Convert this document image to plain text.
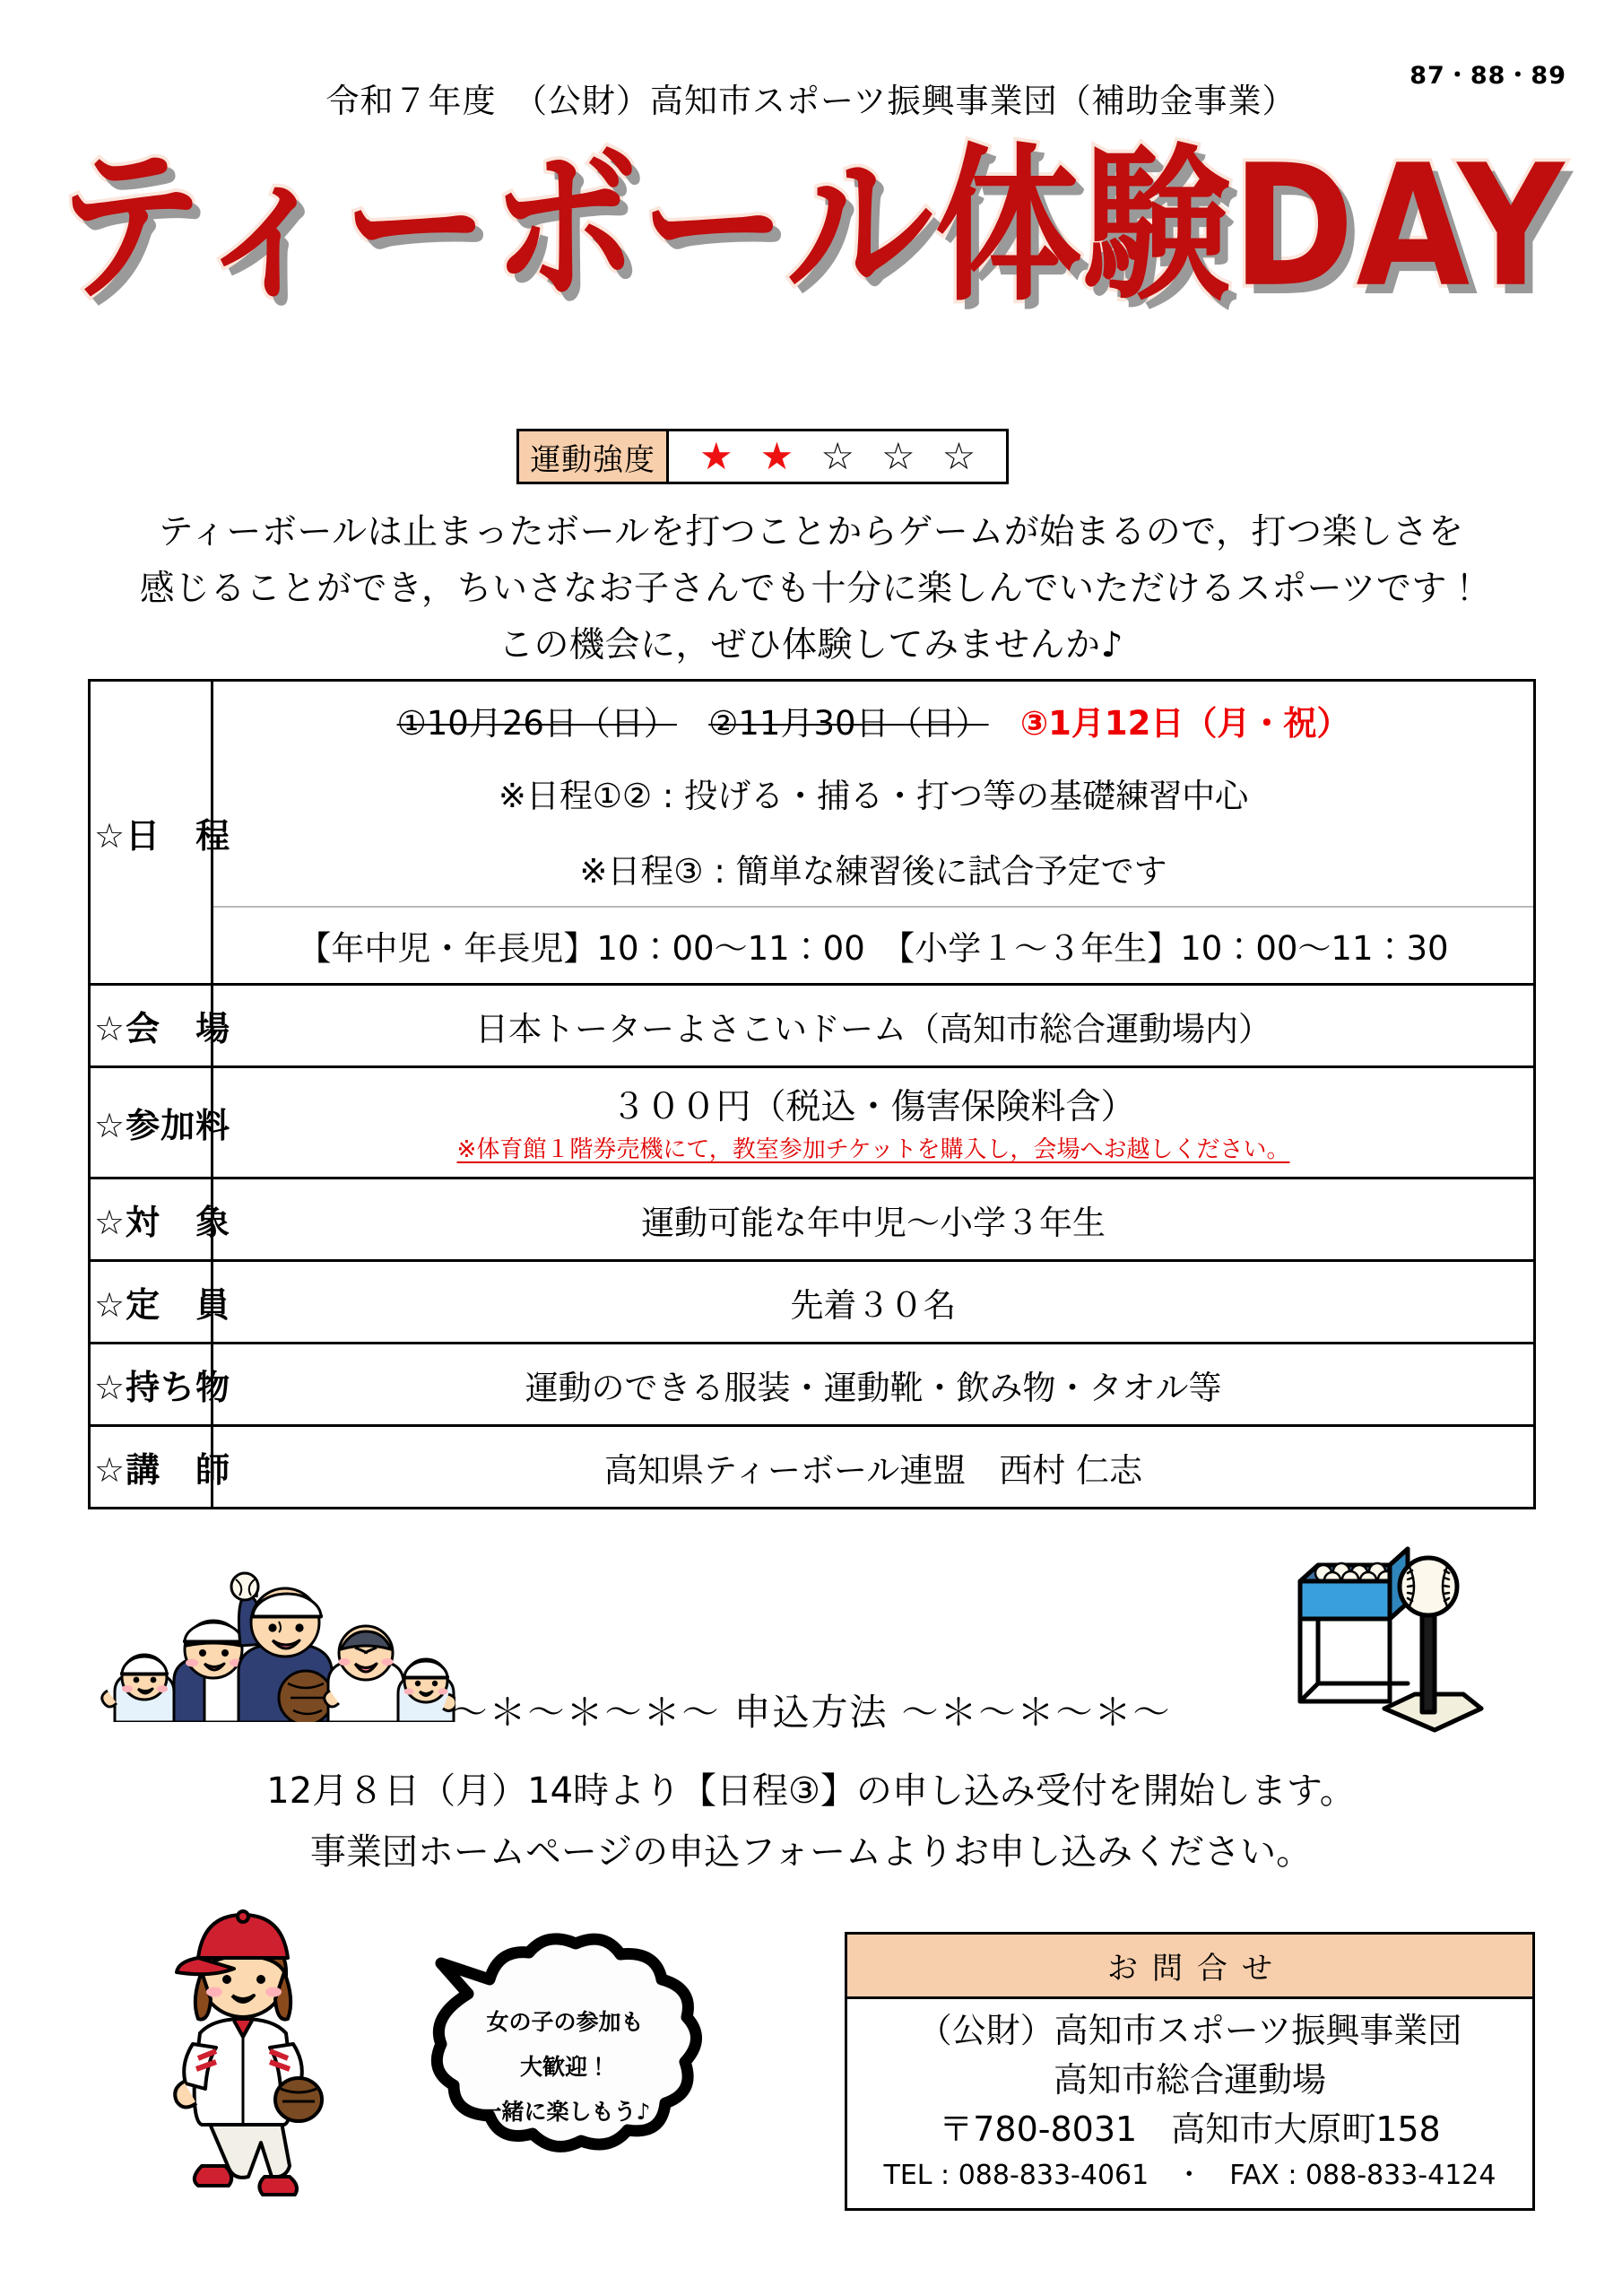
87・88・89
令和７年度　（公財）高知市スポーツ振興事業団（補助金事業）
ティーボール体験DAY
運動強度	★ ★ ☆ ☆ ☆
ティーボールは止まったボールを打つことからゲームが始まるので，打つ楽しさを
感じることができ，ちいさなお子さんでも十分に楽しんでいただけるスポーツです！
この機会に，ぜひ体験してみませんか♪
☆日　程	①10月26日（日） ②11月30日（日） ③1月12日（月・祝）
※日程①② : 投げる・捕る・打つ等の基礎練習中心
※日程③ : 簡単な練習後に試合予定です
【年中児・年長児】10：00〜11：00　【小学１〜３年生】10：00〜11：30

☆会　場	日本トーターよさこいドーム（高知市総合運動場内）
☆参加料	３００円（税込・傷害保険料含）
※体育館１階券売機にて，教室参加チケットを購入し，会場へお越しください。

☆対　象	運動可能な年中児〜小学３年生
☆定　員	先着３０名
☆持ち物	運動のできる服装・運動靴・飲み物・タオル等
☆講　師	高知県ティーボール連盟　西村 仁志
〜＊〜＊〜＊〜 申込方法 〜＊〜＊〜＊〜
12月８日（月）14時より【日程③】の申し込み受付を開始します。
事業団ホームページの申込フォームよりお申し込みください。
女の子の参加も
大歓迎！
一緒に楽しもう♪
お問合せ
（公財）高知市スポーツ振興事業団
高知市総合運動場
〒780-8031　高知市大原町158
TEL : 088-833-4061　・　FAX : 088-833-4124
